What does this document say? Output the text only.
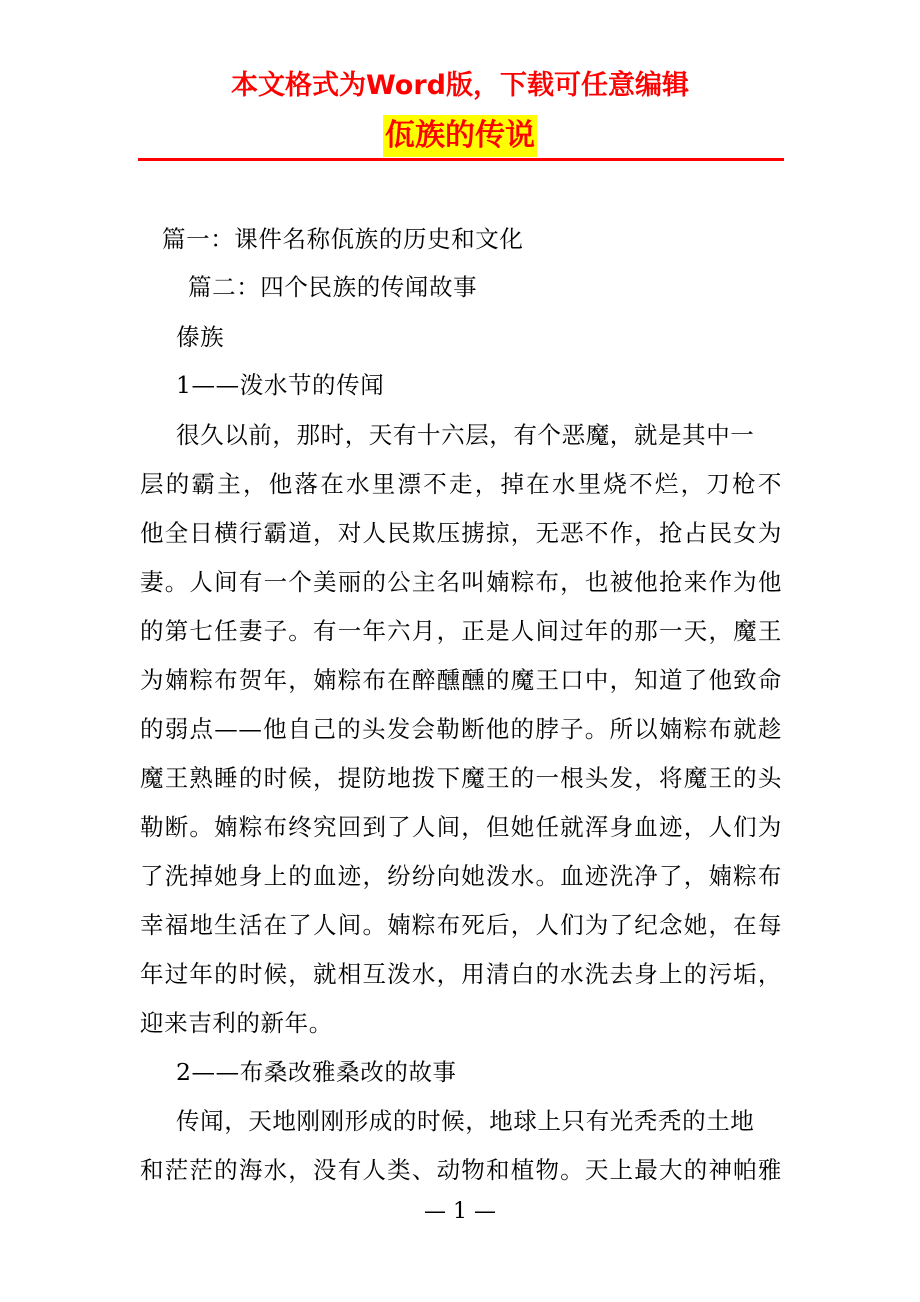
本文格式为Word版，下载可任意编辑
佤族的传说
篇一：课件名称佤族的历史和文化
篇二：四个民族的传闻故事
傣族
1——泼水节的传闻
很久以前，那时，天有十六层，有个恶魔，就是其中一
层的霸主，他落在水里漂不走，掉在水里烧不烂，刀枪不
他全日横行霸道，对人民欺压掳掠，无恶不作，抢占民女为
妻。人间有一个美丽的公主名叫婻粽布，也被他抢来作为他
的第七任妻子。有一年六月，正是人间过年的那一天，魔王
为婻粽布贺年，婻粽布在醉醺醺的魔王口中，知道了他致命
的弱点——他自己的头发会勒断他的脖子。所以婻粽布就趁
魔王熟睡的时候，提防地拨下魔王的一根头发，将魔王的头
勒断。婻粽布终究回到了人间，但她任就浑身血迹，人们为
了洗掉她身上的血迹，纷纷向她泼水。血迹洗净了，婻粽布
幸福地生活在了人间。婻粽布死后，人们为了纪念她，在每
年过年的时候，就相互泼水，用清白的水洗去身上的污垢，
迎来吉利的新年。
2——布桑改雅桑改的故事
传闻，天地刚刚形成的时候，地球上只有光秃秃的土地
和茫茫的海水，没有人类、动物和植物。天上最大的神帕雅
— 1 —
